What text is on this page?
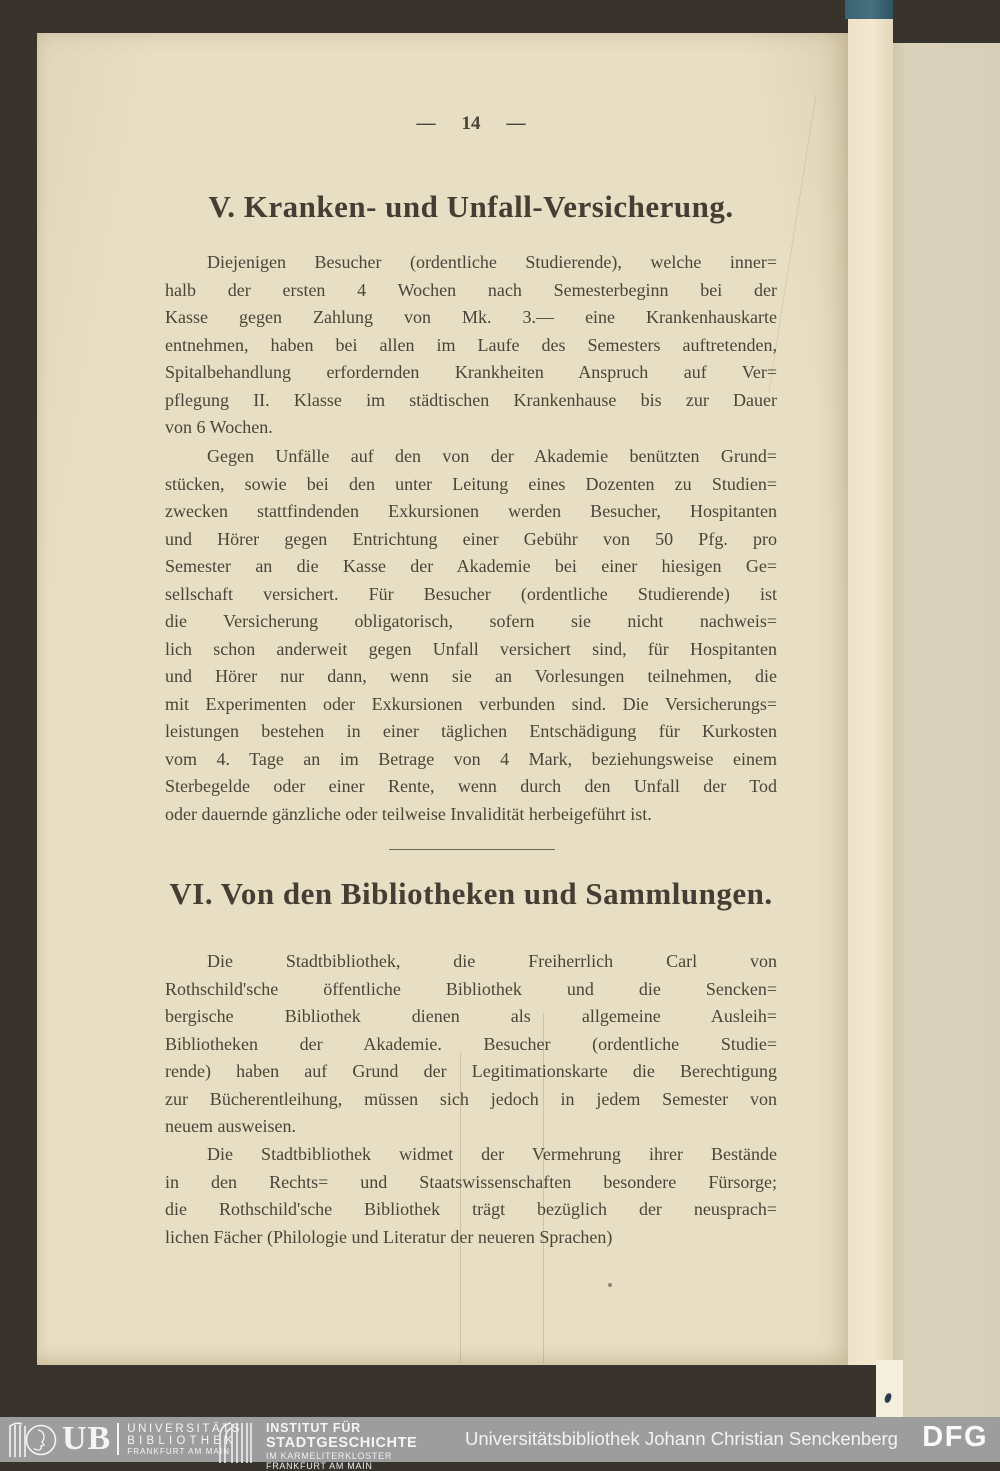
— 14 —
V. Kranken- und Unfall-Versicherung.
Diejenigen Besucher (ordentliche Studierende), welche inner=
halb der ersten 4 Wochen nach Semesterbeginn bei der
Kasse gegen Zahlung von Mk. 3.— eine Krankenhauskarte
entnehmen, haben bei allen im Laufe des Semesters auftretenden,
Spitalbehandlung erfordernden Krankheiten Anspruch auf Ver=
pflegung II. Klasse im städtischen Krankenhause bis zur Dauer
von 6 Wochen.
Gegen Unfälle auf den von der Akademie benützten Grund=
stücken, sowie bei den unter Leitung eines Dozenten zu Studien=
zwecken stattfindenden Exkursionen werden Besucher, Hospitanten
und Hörer gegen Entrichtung einer Gebühr von 50 Pfg. pro
Semester an die Kasse der Akademie bei einer hiesigen Ge=
sellschaft versichert. Für Besucher (ordentliche Studierende) ist
die Versicherung obligatorisch, sofern sie nicht nachweis=
lich schon anderweit gegen Unfall versichert sind, für Hospitanten
und Hörer nur dann, wenn sie an Vorlesungen teilnehmen, die
mit Experimenten oder Exkursionen verbunden sind. Die Versicherungs=
leistungen bestehen in einer täglichen Entschädigung für Kurkosten
vom 4. Tage an im Betrage von 4 Mark, beziehungsweise einem
Sterbegelde oder einer Rente, wenn durch den Unfall der Tod
oder dauernde gänzliche oder teilweise Invalidität herbeigeführt ist.
VI. Von den Bibliotheken und Sammlungen.
Die Stadtbibliothek, die Freiherrlich Carl von
Rothschild'sche öffentliche Bibliothek und die Sencken=
bergische Bibliothek dienen als allgemeine Ausleih=
Bibliotheken der Akademie. Besucher (ordentliche Studie=
rende) haben auf Grund der Legitimationskarte die Berechtigung
zur Bücherentleihung, müssen sich jedoch in jedem Semester von
neuem ausweisen.
Die Stadtbibliothek widmet der Vermehrung ihrer Bestände
in den Rechts= und Staatswissenschaften besondere Fürsorge;
die Rothschild'sche Bibliothek trägt bezüglich der neusprach=
lichen Fächer (Philologie und Literatur der neueren Sprachen)
UB UNIVERSITÄTS
BIBLIOTHEK
FRANKFURT AM MAIN
INSTITUT FÜR
STADTGESCHICHTE
IM KARMELITERKLOSTER
FRANKFURT AM MAIN
Universitätsbibliothek Johann Christian Senckenberg DFG
